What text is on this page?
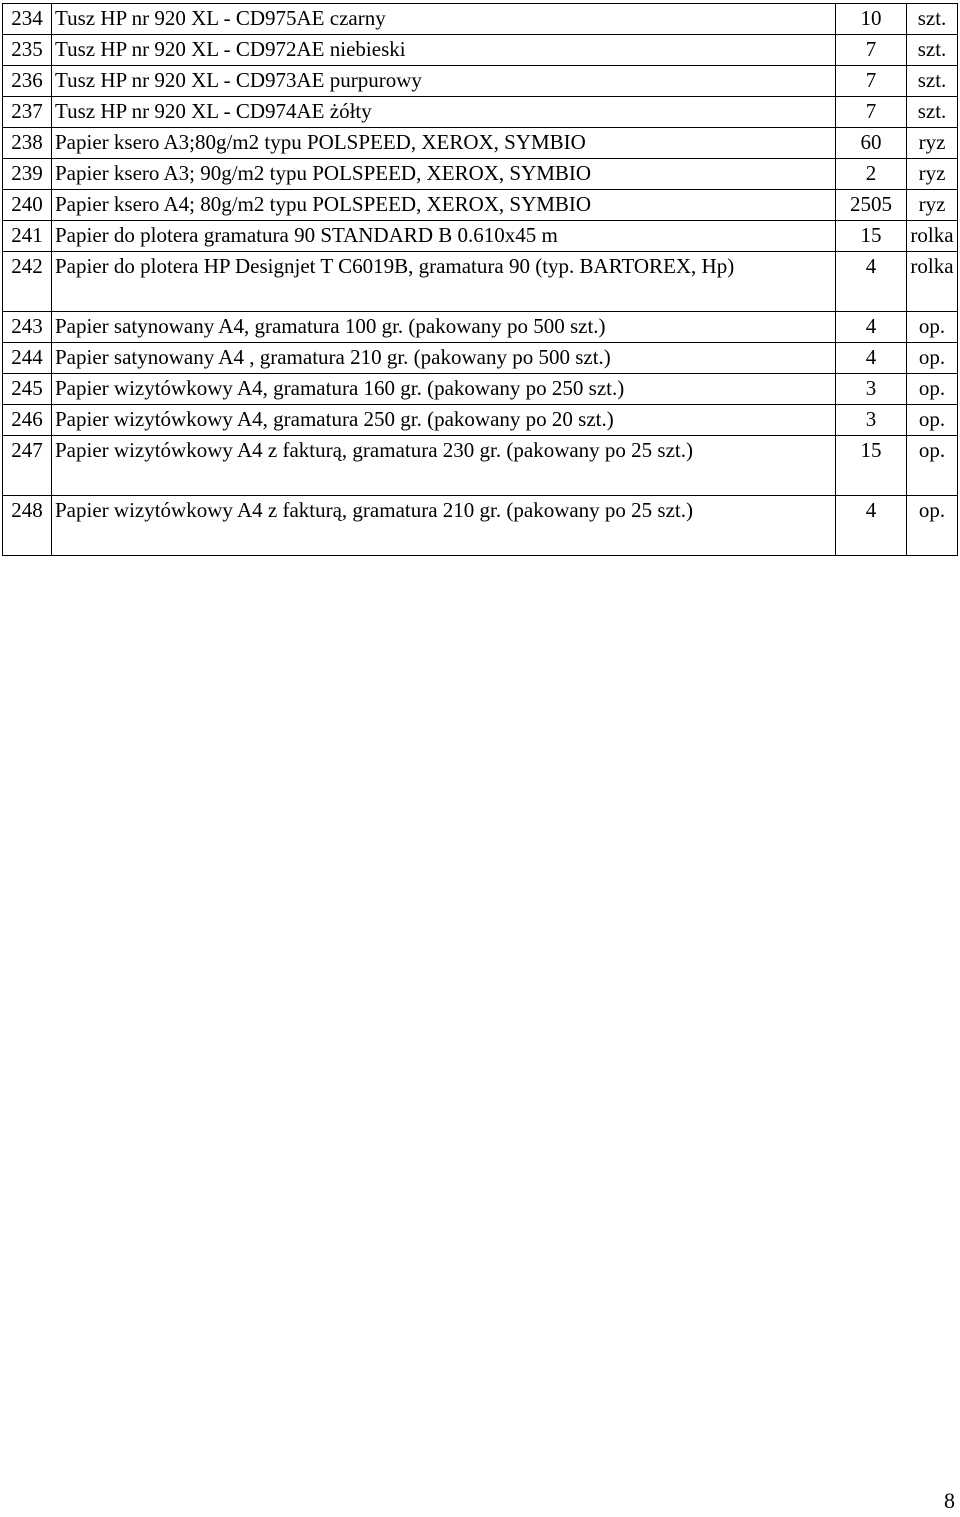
234	Tusz HP nr 920 XL - CD975AE czarny	10	szt.
235	Tusz HP nr 920 XL - CD972AE niebieski	7	szt.
236	Tusz HP nr 920 XL - CD973AE purpurowy	7	szt.
237	Tusz HP nr 920 XL - CD974AE żółty	7	szt.
238	Papier ksero A3;80g/m2 typu POLSPEED, XEROX, SYMBIO	60	ryz
239	Papier ksero A3; 90g/m2 typu POLSPEED, XEROX, SYMBIO	2	ryz
240	Papier ksero A4; 80g/m2 typu POLSPEED, XEROX, SYMBIO	2505	ryz
241	Papier do plotera gramatura 90 STANDARD B 0.610x45 m	15	rolka
242	Papier do plotera HP Designjet T C6019B, gramatura 90 (typ. BARTOREX, Hp)	4	rolka
243	Papier satynowany A4, gramatura 100 gr. (pakowany po 500 szt.)	4	op.
244	Papier satynowany A4 , gramatura 210 gr. (pakowany po 500 szt.)	4	op.
245	Papier wizytówkowy A4, gramatura 160 gr. (pakowany po 250 szt.)	3	op.
246	Papier wizytówkowy A4, gramatura 250 gr. (pakowany po 20 szt.)	3	op.
247	Papier wizytówkowy A4 z fakturą, gramatura 230 gr. (pakowany po 25 szt.)	15	op.
248	Papier wizytówkowy A4 z fakturą, gramatura 210 gr. (pakowany po 25 szt.)	4	op.
8
